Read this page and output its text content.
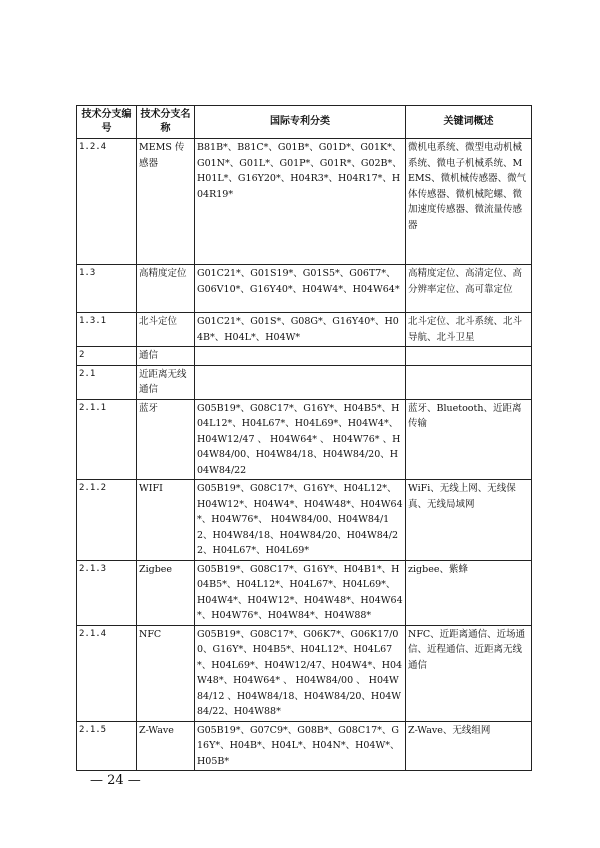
技术分支编号	技术分支名称	国际专利分类	关键词概述
1.2.4	MEMS 传感器	B81B*、B81C*、G01B*、G01D*、G01K*、G01N*、G01L*、G01P*、G01R*、G02B*、H01L*、G16Y20*、H04R3*、H04R17*、H04R19*	微机电系统、微型电动机械系统、微电子机械系统、MEMS、微机械传感器、微气体传感器、微机械陀螺、微加速度传感器、微流量传感器
1.3	高精度定位	G01C21*、G01S19*、G01S5*、G06T7*、G06V10*、G16Y40*、H04W4*、H04W64*	高精度定位、高清定位、高分辨率定位、高可靠定位
1.3.1	北斗定位	G01C21*、G01S*、G08G*、G16Y40*、H04B*、H04L*、H04W*	北斗定位、北斗系统、北斗导航、北斗卫星
2	通信		
2.1	近距离无线通信		
2.1.1	蓝牙	G05B19*、G08C17*、G16Y*、H04B5*、H04L12*、H04L67*、H04L69*、H04W4*、H04W12/47 、 H04W64* 、 H04W76* 、H04W84/00、H04W84/18、H04W84/20、H04W84/22	蓝牙、Bluetooth、近距离传输
2.1.2	WIFI	G05B19*、G08C17*、G16Y*、H04L12*、H04W12*、H04W4*、H04W48*、H04W64*、H04W76*、 H04W84/00、H04W84/12、H04W84/18、H04W84/20、H04W84/22、H04L67*、H04L69*	WiFi、无线上网、无线保真、无线局域网
2.1.3	Zigbee	G05B19*、G08C17*、G16Y*、H04B1*、H04B5*、H04L12*、H04L67*、H04L69*、H04W4*、H04W12*、H04W48*、H04W64*、H04W76*、H04W84*、H04W88*	zigbee、紫蜂
2.1.4	NFC	G05B19*、G08C17*、G06K7*、G06K17/00、G16Y*、H04B5*、H04L12*、H04L67*、H04L69*、H04W12/47、H04W4*、H04W48*、H04W64* 、 H04W84/00 、 H04W84/12 、H04W84/18、H04W84/20、H04W84/22、H04W88*	NFC、近距离通信、近场通信、近程通信、近距离无线通信
2.1.5	Z-Wave	G05B19*、G07C9*、G08B*、G08C17*、G16Y*、H04B*、H04L*、H04N*、H04W*、H05B*	Z-Wave、无线组网
— 24 —
